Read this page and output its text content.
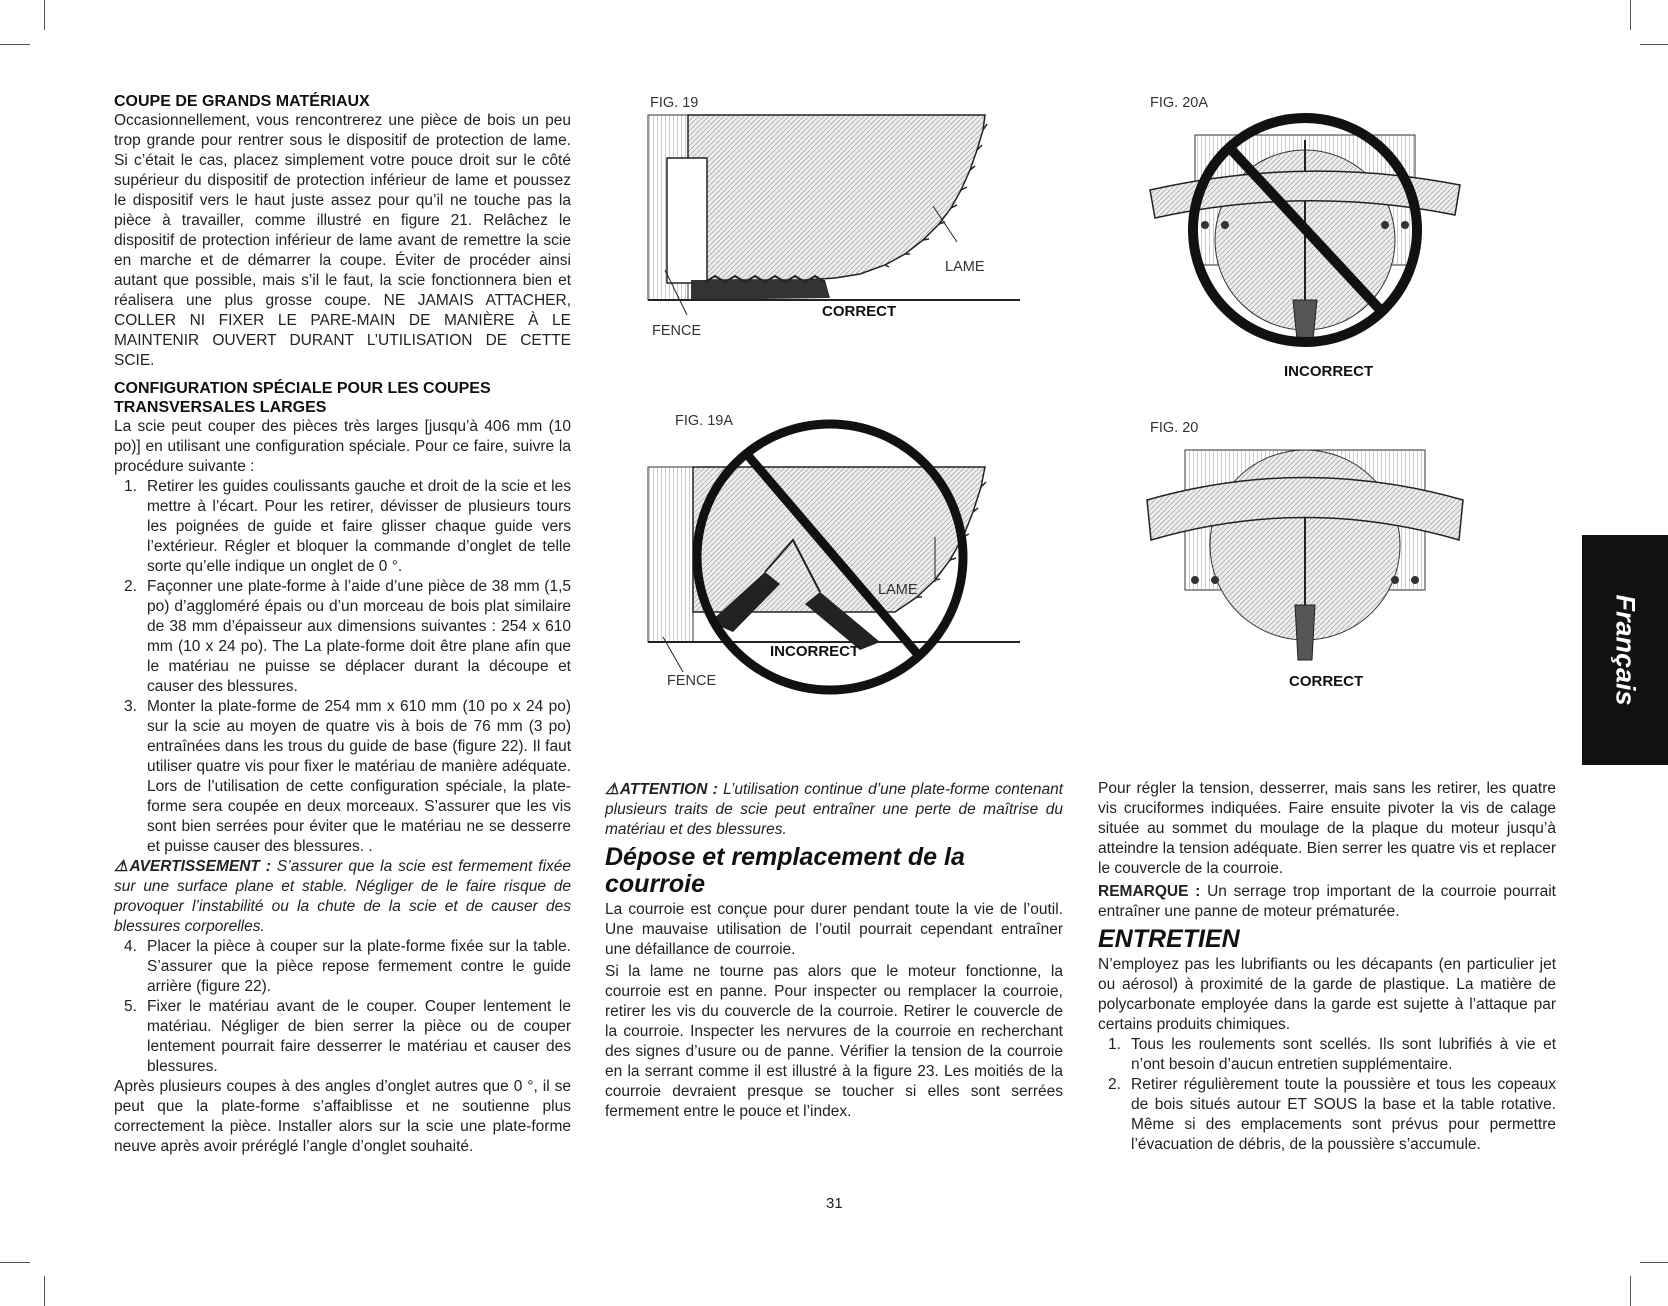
COUPE DE GRANDS MATÉRIAUX

Occasionnellement, vous rencontrerez une pièce de bois un peu trop grande pour rentrer sous le dispositif de protection de lame. Si c’était le cas, placez simplement votre pouce droit sur le côté supérieur du dispositif de protection inférieur de lame et poussez le dispositif vers le haut juste assez pour qu’il ne touche pas la pièce à travailler, comme illustré en figure 21. Relâchez le dispositif de protection inférieur de lame avant de remettre la scie en marche et de démarrer la coupe. Éviter de procéder ainsi autant que possible, mais s’il le faut, la scie fonctionnera bien et réalisera une plus grosse coupe. NE JAMAIS ATTACHER, COLLER NI FIXER LE PARE-MAIN DE MANIÈRE À LE MAINTENIR OUVERT DURANT L’UTILISATION DE CETTE SCIE.

CONFIGURATION SPÉCIALE POUR LES COUPES TRANSVERSALES LARGES

La scie peut couper des pièces très larges [jusqu’à 406 mm (10 po)] en utilisant une configuration spéciale. Pour ce faire, suivre la procédure suivante :

1. Retirer les guides coulissants gauche et droit de la scie et les mettre à l’écart. Pour les retirer, dévisser de plusieurs tours les poignées de guide et faire glisser chaque guide vers l’extérieur. Régler et bloquer la commande d’onglet de telle sorte qu’elle indique un onglet de 0 °.
2. Façonner une plate-forme à l’aide d’une pièce de 38 mm (1,5 po) d’aggloméré épais ou d’un morceau de bois plat similaire de 38 mm d’épaisseur aux dimensions suivantes : 254 x 610 mm (10 x 24 po). The La plate-forme doit être plane afin que le matériau ne puisse se déplacer durant la découpe et causer des blessures.
3. Monter la plate-forme de 254 mm x 610 mm (10 po x 24 po) sur la scie au moyen de quatre vis à bois de 76 mm (3 po) entraînées dans les trous du guide de base (figure 22). Il faut utiliser quatre vis pour fixer le matériau de manière adéquate. Lors de l’utilisation de cette configuration spéciale, la plate-forme sera coupée en deux morceaux. S’assurer que les vis sont bien serrées pour éviter que le matériau ne se desserre et puisse causer des blessures. .

⚠AVERTISSEMENT : S’assurer que la scie est fermement fixée sur une surface plane et stable. Négliger de le faire risque de provoquer l’instabilité ou la chute de la scie et de causer des blessures corporelles.

4. Placer la pièce à couper sur la plate-forme fixée sur la table. S’assurer que la pièce repose fermement contre le guide arrière (figure 22).
5. Fixer le matériau avant de le couper. Couper lentement le matériau. Négliger de bien serrer la pièce ou de couper lentement pourrait faire desserrer le matériau et causer des blessures.

Après plusieurs coupes à des angles d’onglet autres que 0 °, il se peut que la plate-forme s’affaiblisse et ne soutienne plus correctement la pièce. Installer alors sur la scie une plate-forme neuve après avoir préréglé l’angle d’onglet souhaité.

FIG. 19
LAME
FENCE
CORRECT
FIG. 19A
LAME
FENCE
INCORRECT

⚠ATTENTION : L’utilisation continue d’une plate-forme contenant plusieurs traits de scie peut entraîner une perte de maîtrise du matériau et des blessures.

Dépose et remplacement de la courroie

La courroie est conçue pour durer pendant toute la vie de l’outil. Une mauvaise utilisation de l’outil pourrait cependant entraîner une défaillance de courroie.

Si la lame ne tourne pas alors que le moteur fonctionne, la courroie est en panne. Pour inspecter ou remplacer la courroie, retirer les vis du couvercle de la courroie. Retirer le couvercle de la courroie. Inspecter les nervures de la courroie en recherchant des signes d’usure ou de panne. Vérifier la tension de la courroie en la serrant comme il est illustré à la figure 23. Les moitiés de la courroie devraient presque se toucher si elles sont serrées fermement entre le pouce et l’index.

FIG. 20A
INCORRECT
FIG. 20
CORRECT

Pour régler la tension, desserrer, mais sans les retirer, les quatre vis cruciformes indiquées. Faire ensuite pivoter la vis de calage située au sommet du moulage de la plaque du moteur jusqu’à atteindre la tension adéquate. Bien serrer les quatre vis et replacer le couvercle de la courroie.

REMARQUE : Un serrage trop important de la courroie pourrait entraîner une panne de moteur prématurée.

ENTRETIEN

N’employez pas les lubrifiants ou les décapants (en particulier jet ou aérosol) à proximité de la garde de plastique. La matière de polycarbonate employée dans la garde est sujette à l’attaque par certains produits chimiques.

1. Tous les roulements sont scellés. Ils sont lubrifiés à vie et n’ont besoin d’aucun entretien supplémentaire.
2. Retirer régulièrement toute la poussière et tous les copeaux de bois situés autour ET SOUS la base et la table rotative. Même si des emplacements sont prévus pour permettre l’évacuation de débris, de la poussière s’accumule.
Français
31
